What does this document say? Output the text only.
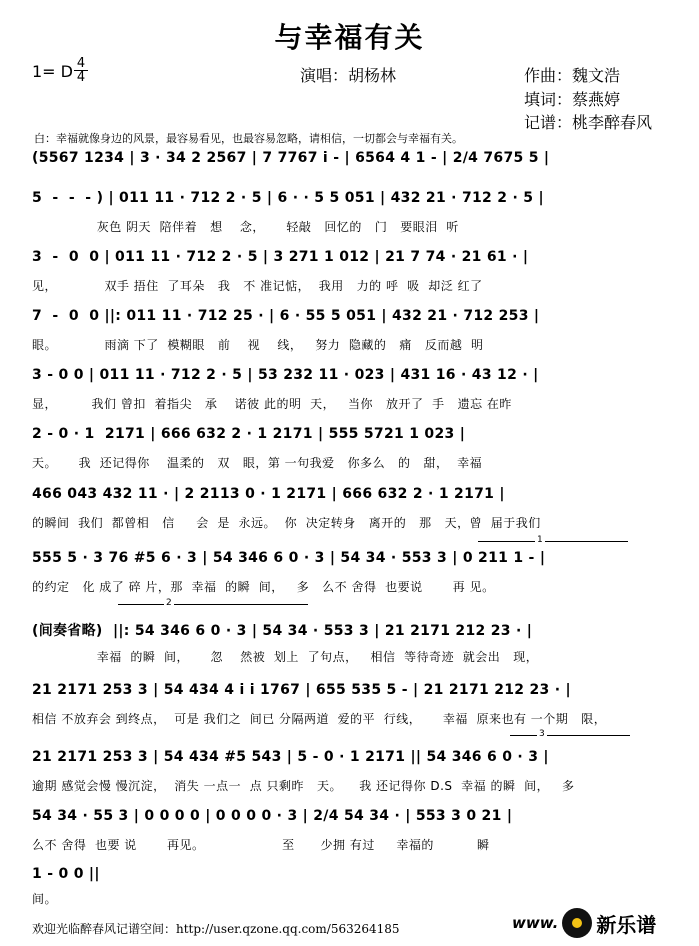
与幸福有关
1= D 4
4	演唱：胡杨林	作曲：魏文浩
填词：蔡燕婷
记谱：桃李醉春风
白：幸福就像身边的风景，最容易看见，也最容易忽略，请相信，一切都会与幸福有关。
(5567 1234 | 3 · 34 2 2567 | 7 7767 i - | 6564 4 1 - | 2/4 7675 5 |
5  -  -  - ) | 011 11 · 712 2 · 5 | 6 · · 5 5 051 | 432 21 · 712 2 · 5 |
灰色 阴天  陪伴着   想    念，     轻敲   回忆的   门   要眼泪  听
3  -  0  0 | 011 11 · 712 2 · 5 | 3 271 1 012 | 21 7 74 · 21 61 · |
见，           双手 捂住  了耳朵   我   不 准记惦，  我用   力的 呼  吸  却泛 红了
7  -  0  0 ||: 011 11 · 712 25 · | 6 · 55 5 051 | 432 21 · 712 253 |
眼。           雨滴 下了  模糊眼   前    视    线，   努力  隐藏的   痛   反而越  明
3 - 0 0 | 011 11 · 712 2 · 5 | 53 232 11 · 023 | 431 16 · 43 12 · |
显，        我们 曾扣  着指尖   承    诺彼 此的明  天，   当你   放开了  手   遗忘 在昨
2 - 0 · 1  2171 | 666 632 2 · 1 2171 | 555 5721 1 023 |
天。     我  还记得你    温柔的   双   眼，第 一句我爱   你多么   的   甜，  幸福
466 043 432 11 · | 2 2113 0 · 1 2171 | 666 632 2 · 1 2171 |
的瞬间  我们  都曾相   信     会  是  永远。  你  决定转身   离开的   那   天，曾  届于我们
1
555 5 · 3 76 #5 6 · 3 | 54 346 6 0 · 3 | 54 34 · 553 3 | 0 211 1 - |
的约定   化 成了 碎 片，那  幸福  的瞬  间，   多   么不 舍得  也要说       再 见。
2
(间奏省略)  ||: 54 346 6 0 · 3 | 54 34 · 553 3 | 21 2171 212 23 · |
幸福  的瞬  间，     忽    然被  划上  了句点，   相信  等待奇迹  就会出   现，
21 2171 253 3 | 54 434 4 i i 1767 | 655 535 5 - | 21 2171 212 23 · |
相信 不放弃会 到终点，  可是 我们之  间已 分隔两道  爱的平  行线，     幸福  原来也有 一个期   限，
3
21 2171 253 3 | 54 434 #5 543 | 5 - 0 · 1 2171 || 54 346 6 0 · 3 |
逾期 感觉会慢 慢沉淀，  消失 一点一  点 只剩昨   天。    我 还记得你 D.S  幸福 的瞬  间，   多
54 34 · 55 3 | 0 0 0 0 | 0 0 0 0 · 3 | 2/4 54 34 · | 553 3 0 21 |
么不 舍得  也要 说       再见。                  至      少拥 有过     幸福的          瞬
1 - 0 0 ||
间。
欢迎光临醉春风记谱空间：http://user.qzone.qq.com/563264185	www. 新乐谱
